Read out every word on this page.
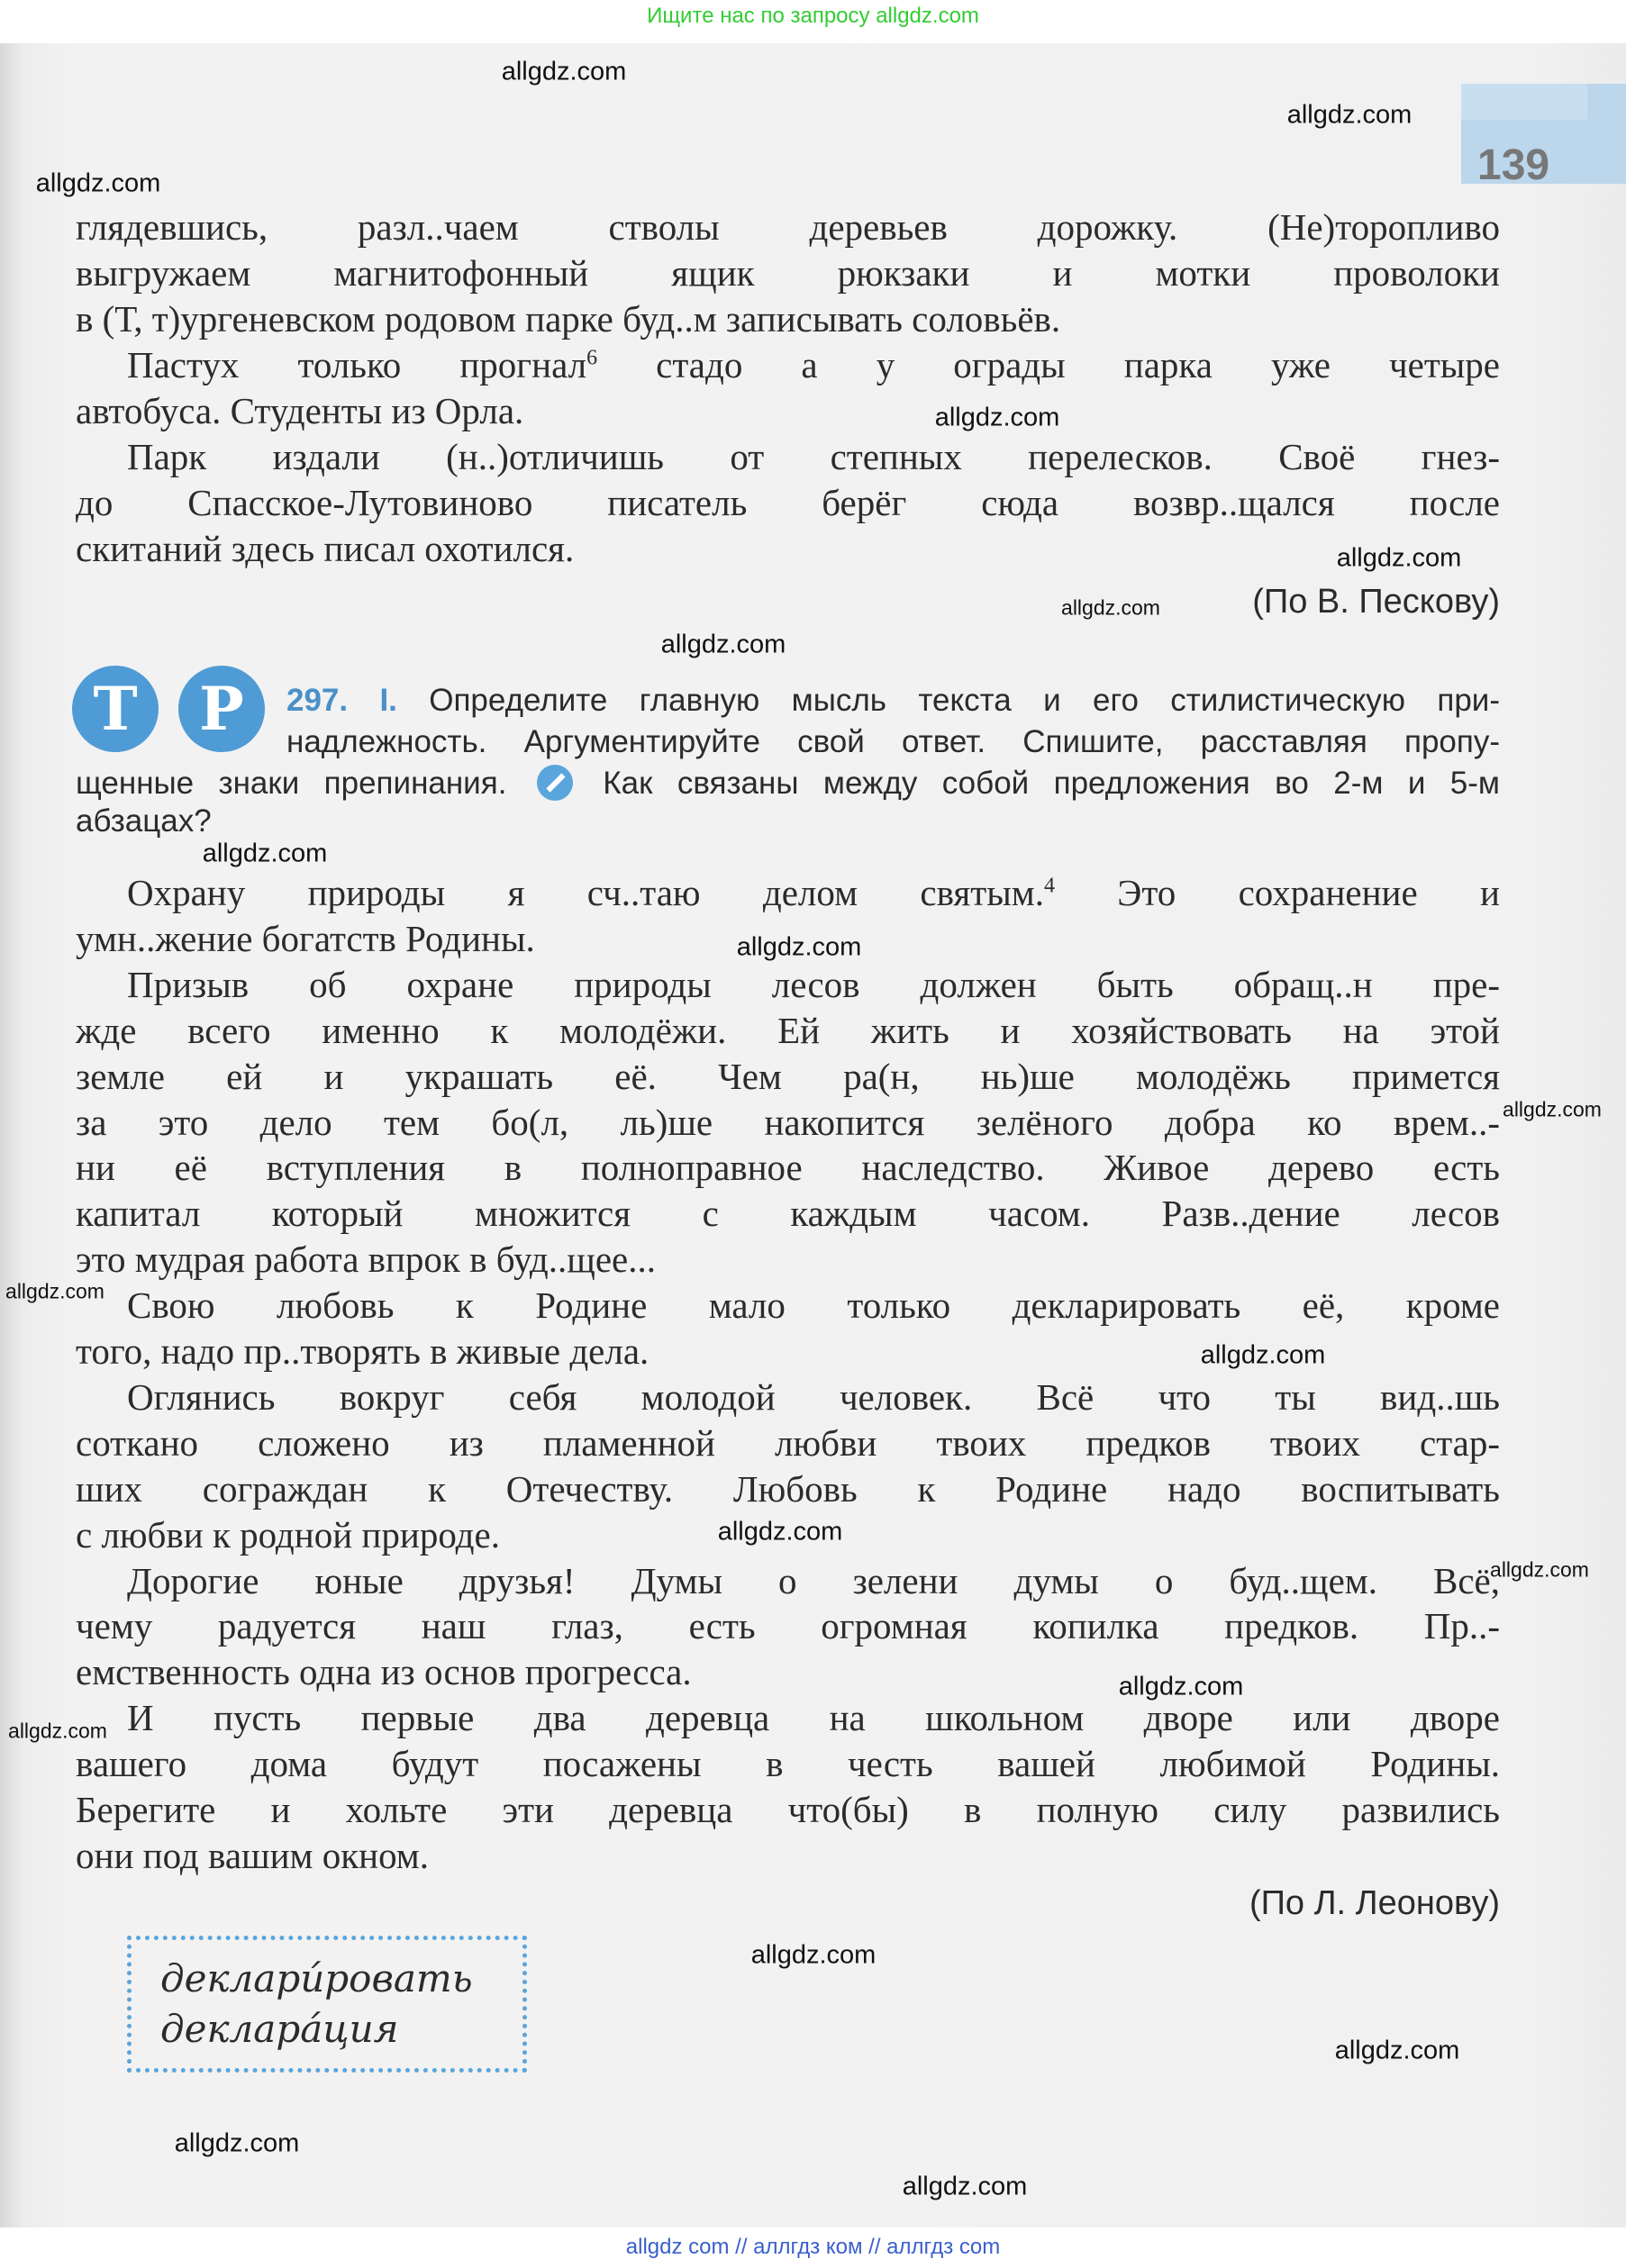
Ищите нас по запросу allgdz.com
139
глядевшись, разл..чаем стволы деревьев дорожку. (Не)торопливо
выгружаем магнитофонный ящик рюкзаки и мотки проволоки
в (Т, т)ургеневском родовом парке буд..м записывать соловьёв.
Пастух только прогнал$^6$ стадо а у ограды парка уже четыре
автобуса. Студенты из Орла.
Парк издали (н..)отличишь от степных перелесков. Своё гнез-
до Спасское-Лутовиново писатель берёг сюда возвр..щался после
скитаний здесь писал охотился.
(По В. Пескову)
Т	Р	297. I. Определите главную мысль текста и его стилистическую при-
надлежность. Аргументируйте свой ответ. Спишите, расставляя пропу-
щенные знаки препинания.	Как связаны между собой предложения во 2-м и 5-м
абзацах?
Охрану природы я сч..таю делом святым.$^4$ Это сохранение и
умн..жение богатств Родины.
Призыв об охране природы лесов должен быть обращ..н пре-
жде всего именно к молодёжи. Ей жить и хозяйствовать на этой
земле ей и украшать её. Чем ра(н, нь)ше молодёжь примется
за это дело тем бо(л, ль)ше накопится зелёного добра ко врем..-
ни её вступления в полноправное наследство. Живое дерево есть
капитал который множится с каждым часом. Разв..дение лесов
это мудрая работа впрок в буд..щее...
Свою любовь к Родине мало только декларировать её, кроме
того, надо пр..творять в живые дела.
Оглянись вокруг себя молодой человек. Всё что ты вид..шь
соткано сложено из пламенной любви твоих предков твоих стар-
ших сограждан к Отечеству. Любовь к Родине надо воспитывать
с любви к родной природе.
Дорогие юные друзья! Думы о зелени думы о буд..щем. Всё,
чему радуется наш глаз, есть огромная копилка предков. Пр..-
емственность одна из основ прогресса.
И пусть первые два деревца на школьном дворе или дворе
вашего дома будут посажены в честь вашей любимой Родины.
Берегите и хольте эти деревца что(бы) в полную силу развились
они под вашим окном.
(По Л. Леонову)
деклари́ровать
деклара́ция
allgdz.com
allgdz.com
allgdz.com
allgdz.com
allgdz.com
allgdz.com
allgdz.com
allgdz.com
allgdz.com
allgdz.com
allgdz.com
allgdz.com
allgdz.com
allgdz.com
allgdz.com
allgdz.com
allgdz.com
allgdz.com
allgdz.com
allgdz.com
allgdz com // аллгдз ком // аллгдз com
